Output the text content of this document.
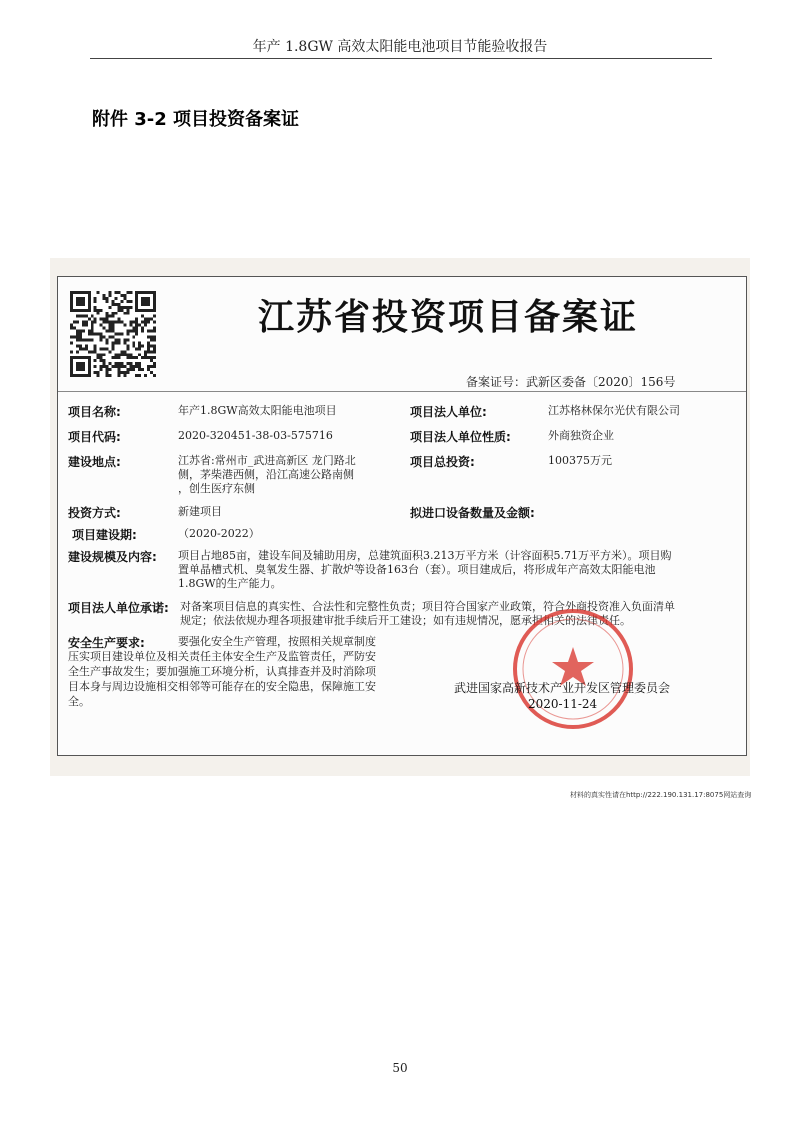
年产 1.8GW 高效太阳能电池项目节能验收报告
附件 3-2 项目投资备案证
江苏省投资项目备案证
备案证号：武新区委备〔2020〕156号
项目名称:	年产1.8GW高效太阳能电池项目	项目法人单位:	江苏格林保尔光伏有限公司
项目代码:	2020-320451-38-03-575716	项目法人单位性质:	外商独资企业
建设地点:	江苏省:常州市_武进高新区 龙门路北
侧，茅柴港西侧，沿江高速公路南侧
，创生医疗东侧
项目总投资:	100375万元
投资方式:	新建项目	拟进口设备数量及金额:
项目建设期:	（2020-2022）
建设规模及内容: 项目占地85亩，建设车间及辅助用房，总建筑面积3.213万平方米（计容面积5.71万平方米）。项目购
置单晶槽式机、臭氧发生器、扩散炉等设备163台（套）。项目建成后，将形成年产高效太阳能电池
1.8GW的生产能力。
项目法人单位承诺: 对备案项目信息的真实性、合法性和完整性负责；项目符合国家产业政策，符合外商投资准入负面清单
规定；依法依规办理各项报建审批手续后开工建设；如有违规情况，愿承担相关的法律责任。
安全生产要求:	要强化安全生产管理，按照相关规章制度
压实项目建设单位及相关责任主体安全生产及监管责任，严防安
全生产事故发生；要加强施工环境分析，认真排查并及时消除项
目本身与周边设施相交相邻等可能存在的安全隐患，保障施工安
全。
武进国家高新技术产业开发区管理委员会
2020-11-24
材料的真实性请在http://222.190.131.17:8075网站查询
50
